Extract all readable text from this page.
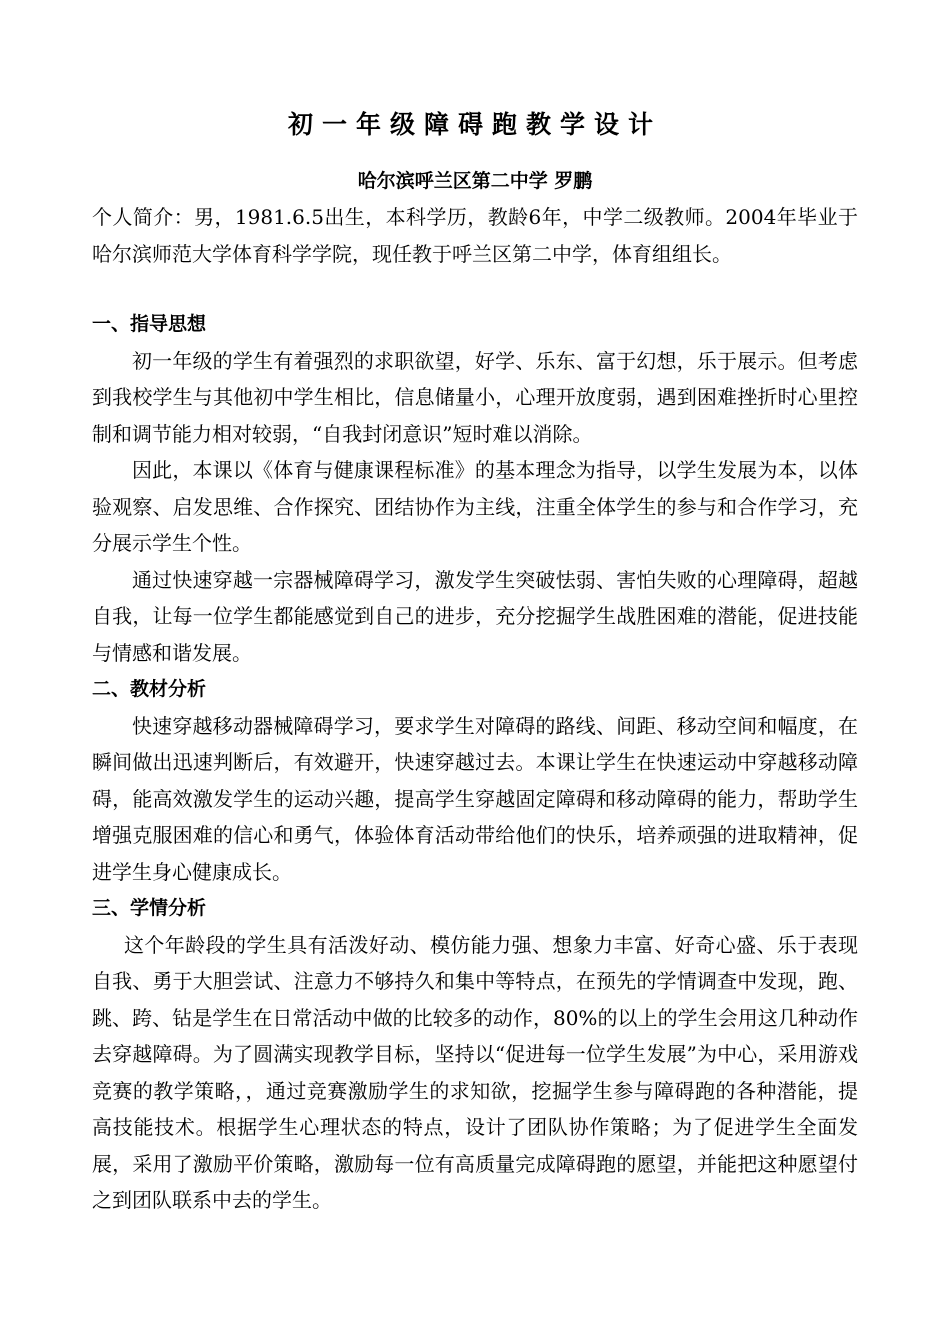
初一年级障碍跑教学设计
哈尔滨呼兰区第二中学 罗鹏

个人简介：男，1981.6.5出生，本科学历，教龄6年，中学二级教师。2004年毕业于哈尔滨师范大学体育科学学院，现任教于呼兰区第二中学，体育组组长。

一、指导思想

初一年级的学生有着强烈的求职欲望，好学、乐东、富于幻想，乐于展示。但考虑到我校学生与其他初中学生相比，信息储量小，心理开放度弱，遇到困难挫折时心里控制和调节能力相对较弱，“自我封闭意识”短时难以消除。

因此，本课以《体育与健康课程标准》的基本理念为指导，以学生发展为本，以体验观察、启发思维、合作探究、团结协作为主线，注重全体学生的参与和合作学习，充分展示学生个性。

通过快速穿越一宗器械障碍学习，激发学生突破怯弱、害怕失败的心理障碍，超越自我，让每一位学生都能感觉到自己的进步，充分挖掘学生战胜困难的潜能，促进技能与情感和谐发展。

二、教材分析

快速穿越移动器械障碍学习，要求学生对障碍的路线、间距、移动空间和幅度，在瞬间做出迅速判断后，有效避开，快速穿越过去。本课让学生在快速运动中穿越移动障碍，能高效激发学生的运动兴趣，提高学生穿越固定障碍和移动障碍的能力，帮助学生增强克服困难的信心和勇气，体验体育活动带给他们的快乐，培养顽强的进取精神，促进学生身心健康成长。

三、学情分析

这个年龄段的学生具有活泼好动、模仿能力强、想象力丰富、好奇心盛、乐于表现自我、勇于大胆尝试、注意力不够持久和集中等特点，在预先的学情调查中发现，跑、跳、跨、钻是学生在日常活动中做的比较多的动作，80%的以上的学生会用这几种动作去穿越障碍。为了圆满实现教学目标，坚持以“促进每一位学生发展”为中心，采用游戏竞赛的教学策略，，通过竞赛激励学生的求知欲，挖掘学生参与障碍跑的各种潜能，提高技能技术。根据学生心理状态的特点，设计了团队协作策略；为了促进学生全面发展，采用了激励平价策略，激励每一位有高质量完成障碍跑的愿望，并能把这种愿望付之到团队联系中去的学生。
